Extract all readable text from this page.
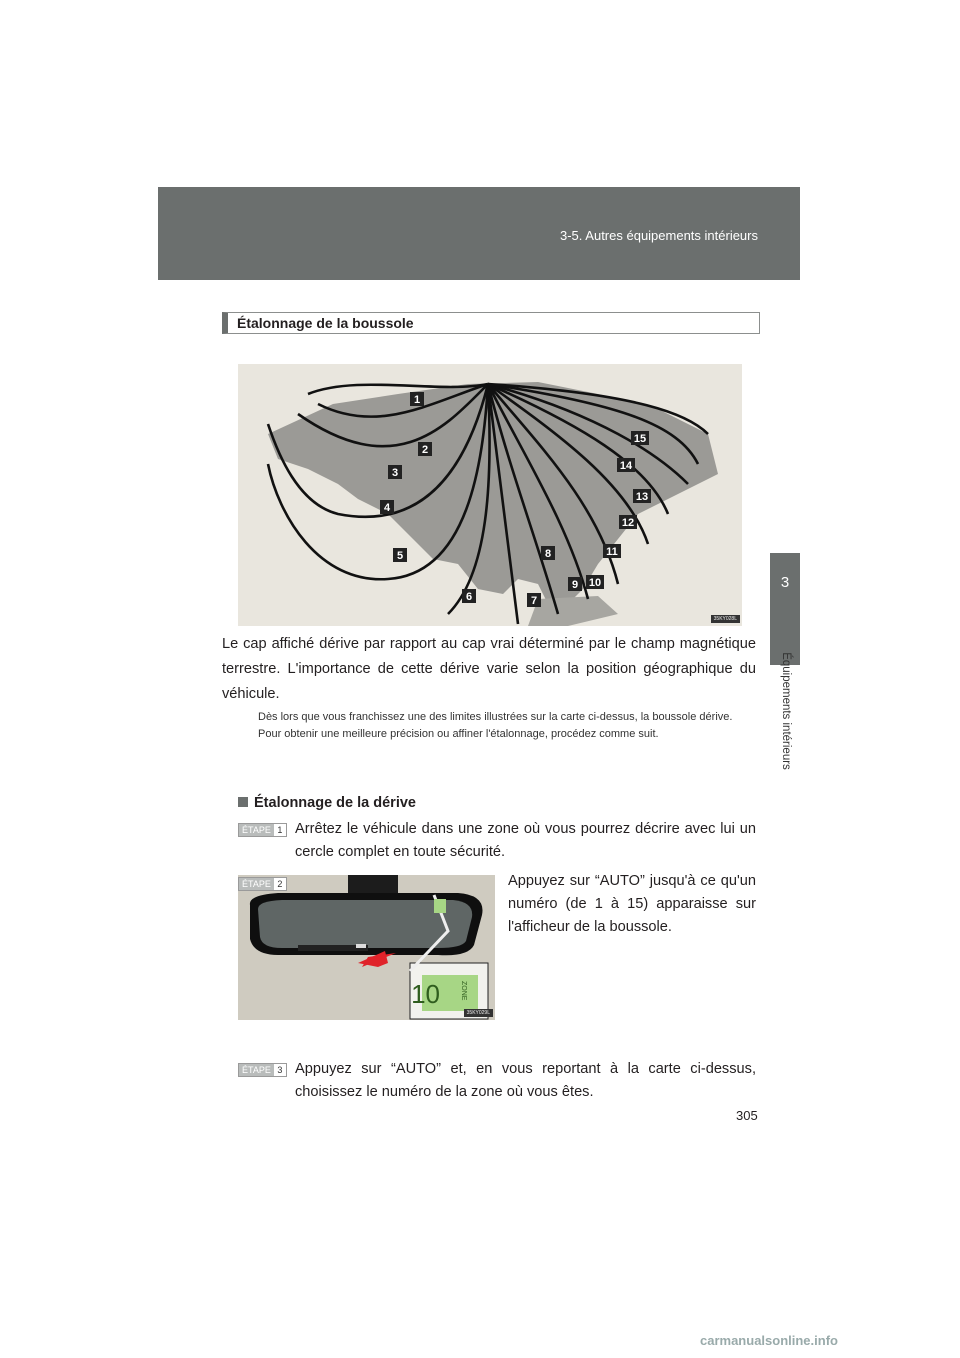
3-5. Autres équipements intérieurs
3
Équipements intérieurs
Étalonnage de la boussole
1
2
3
4
5
6	7
8
9 10
11
12
13
14
15
35KY028L
Le cap affiché dérive par rapport au cap vrai déterminé par le champ magnétique terrestre. L'importance de cette dérive varie selon la position géographique du véhicule.
Dès lors que vous franchissez une des limites illustrées sur la carte ci-dessus, la boussole dérive.
Pour obtenir une meilleure précision ou affiner l'étalonnage, procédez comme suit.
Étalonnage de la dérive
ÉTAPE 1 Arrêtez le véhicule dans une zone où vous pourrez décrire avec lui un cercle complet en toute sécurité.
10	ZONE
ÉTAPE 2
35KY029L
Appuyez sur “AUTO” jusqu'à ce qu'un numéro (de 1 à 15) apparaisse sur l'afficheur de la boussole.
ÉTAPE 3 Appuyez sur “AUTO” et, en vous reportant à la carte ci-dessus, choisissez le numéro de la zone où vous êtes.
305
carmanualsonline.info
